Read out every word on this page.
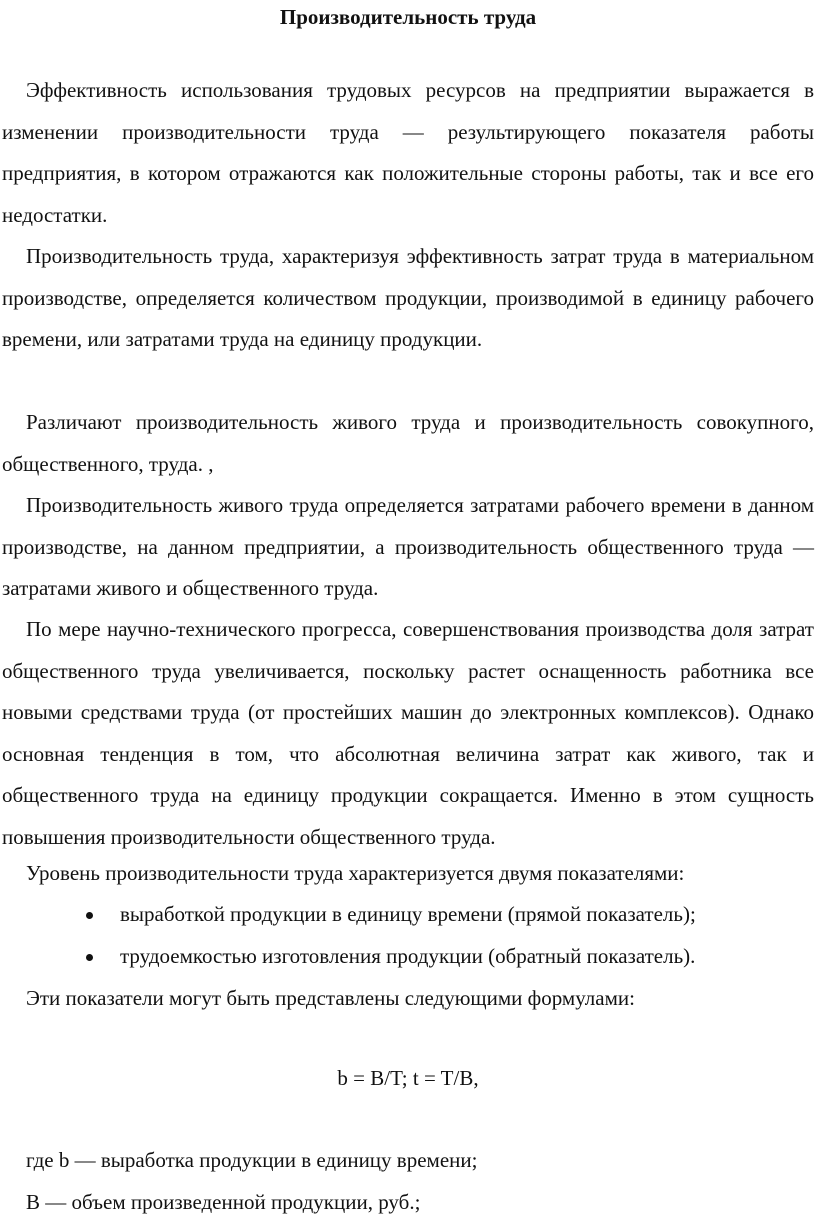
Производительность труда

Эффективность использования трудовых ресурсов на предприятии выражается в изменении производительности труда — результирующего показателя работы предприятия, в котором отражаются как положительные стороны работы, так и все его недостатки.

Производительность труда, характеризуя эффективность затрат труда в материальном производстве, определяется количеством продукции, производимой в единицу рабочего времени, или затратами труда на единицу продукции.

Различают производительность живого труда и производительность совокупного, общественного, труда. ,

Производительность живого труда определяется затратами рабочего времени в данном производстве, на данном предприятии, а производительность общественного труда — затратами живого и общественного труда.

По мере научно-технического прогресса, совершенствования производства доля затрат общественного труда увеличивается, поскольку растет оснащенность работника все новыми средствами труда (от простейших машин до электронных комплексов). Однако основная тенденция в том, что абсолютная величина затрат как живого, так и общественного труда на единицу продукции сокращается. Именно в этом сущность повышения производительности общественного труда.

Уровень производительности труда характеризуется двумя показателями:

выработкой продукции в единицу времени (прямой показатель);
трудоемкостью изготовления продукции (обратный показатель).

Эти показатели могут быть представлены следующими формулами:

b = B/T; t = T/B,

где b — выработка продукции в единицу времени;

B — объем произведенной продукции, руб.;
